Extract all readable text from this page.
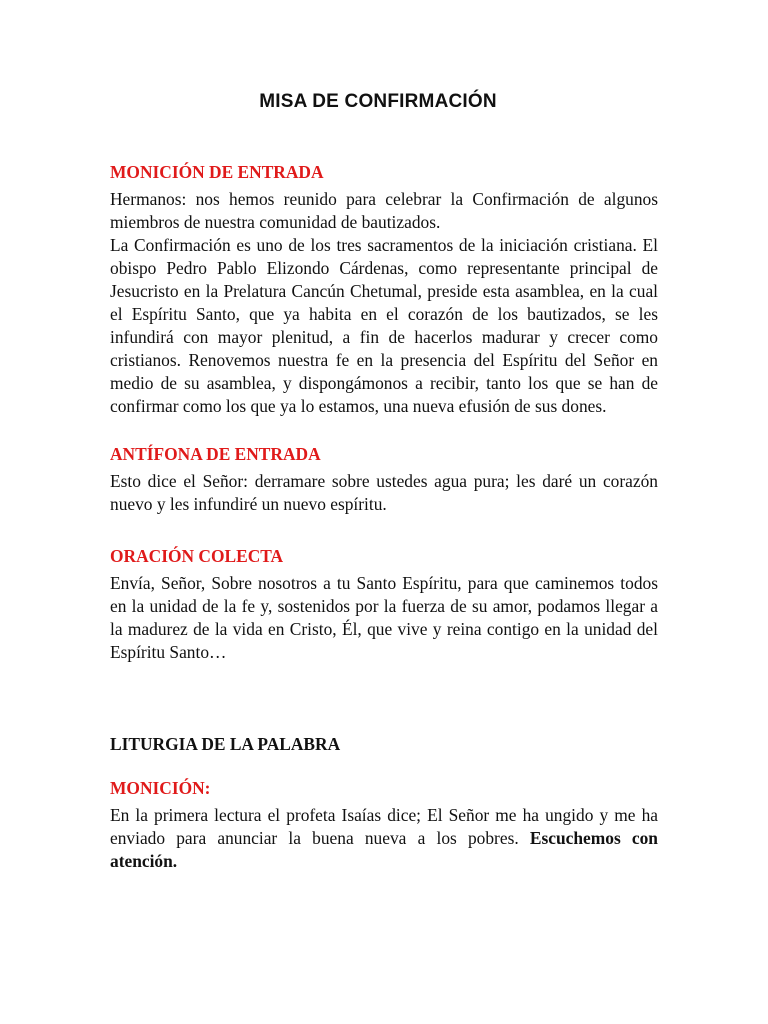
MISA DE CONFIRMACIÓN
MONICIÓN DE ENTRADA

Hermanos: nos hemos reunido para celebrar la Confirmación de algunos miembros de nuestra comunidad de bautizados.

La Confirmación es uno de los tres sacramentos de la iniciación cristiana. El obispo Pedro Pablo Elizondo Cárdenas, como representante principal de Jesucristo en la Prelatura Cancún Chetumal, preside esta asamblea, en la cual el Espíritu Santo, que ya habita en el corazón de los bautizados, se les infundirá con mayor plenitud, a fin de hacerlos madurar y crecer como cristianos. Renovemos nuestra fe en la presencia del Espíritu del Señor en medio de su asamblea, y dispongámonos a recibir, tanto los que se han de confirmar como los que ya lo estamos, una nueva efusión de sus dones.

ANTÍFONA DE ENTRADA

Esto dice el Señor: derramare sobre ustedes agua pura; les daré un corazón nuevo y les infundiré un nuevo espíritu.

ORACIÓN COLECTA

Envía, Señor, Sobre nosotros a tu Santo Espíritu, para que caminemos todos en la unidad de la fe y, sostenidos por la fuerza de su amor, podamos llegar a la madurez de la vida en Cristo, Él, que vive y reina contigo en la unidad del Espíritu Santo…

LITURGIA DE LA PALABRA
MONICIÓN:

En la primera lectura el profeta Isaías dice; El Señor me ha ungido y me ha enviado para anunciar la buena nueva a los pobres. Escuchemos con atención.
